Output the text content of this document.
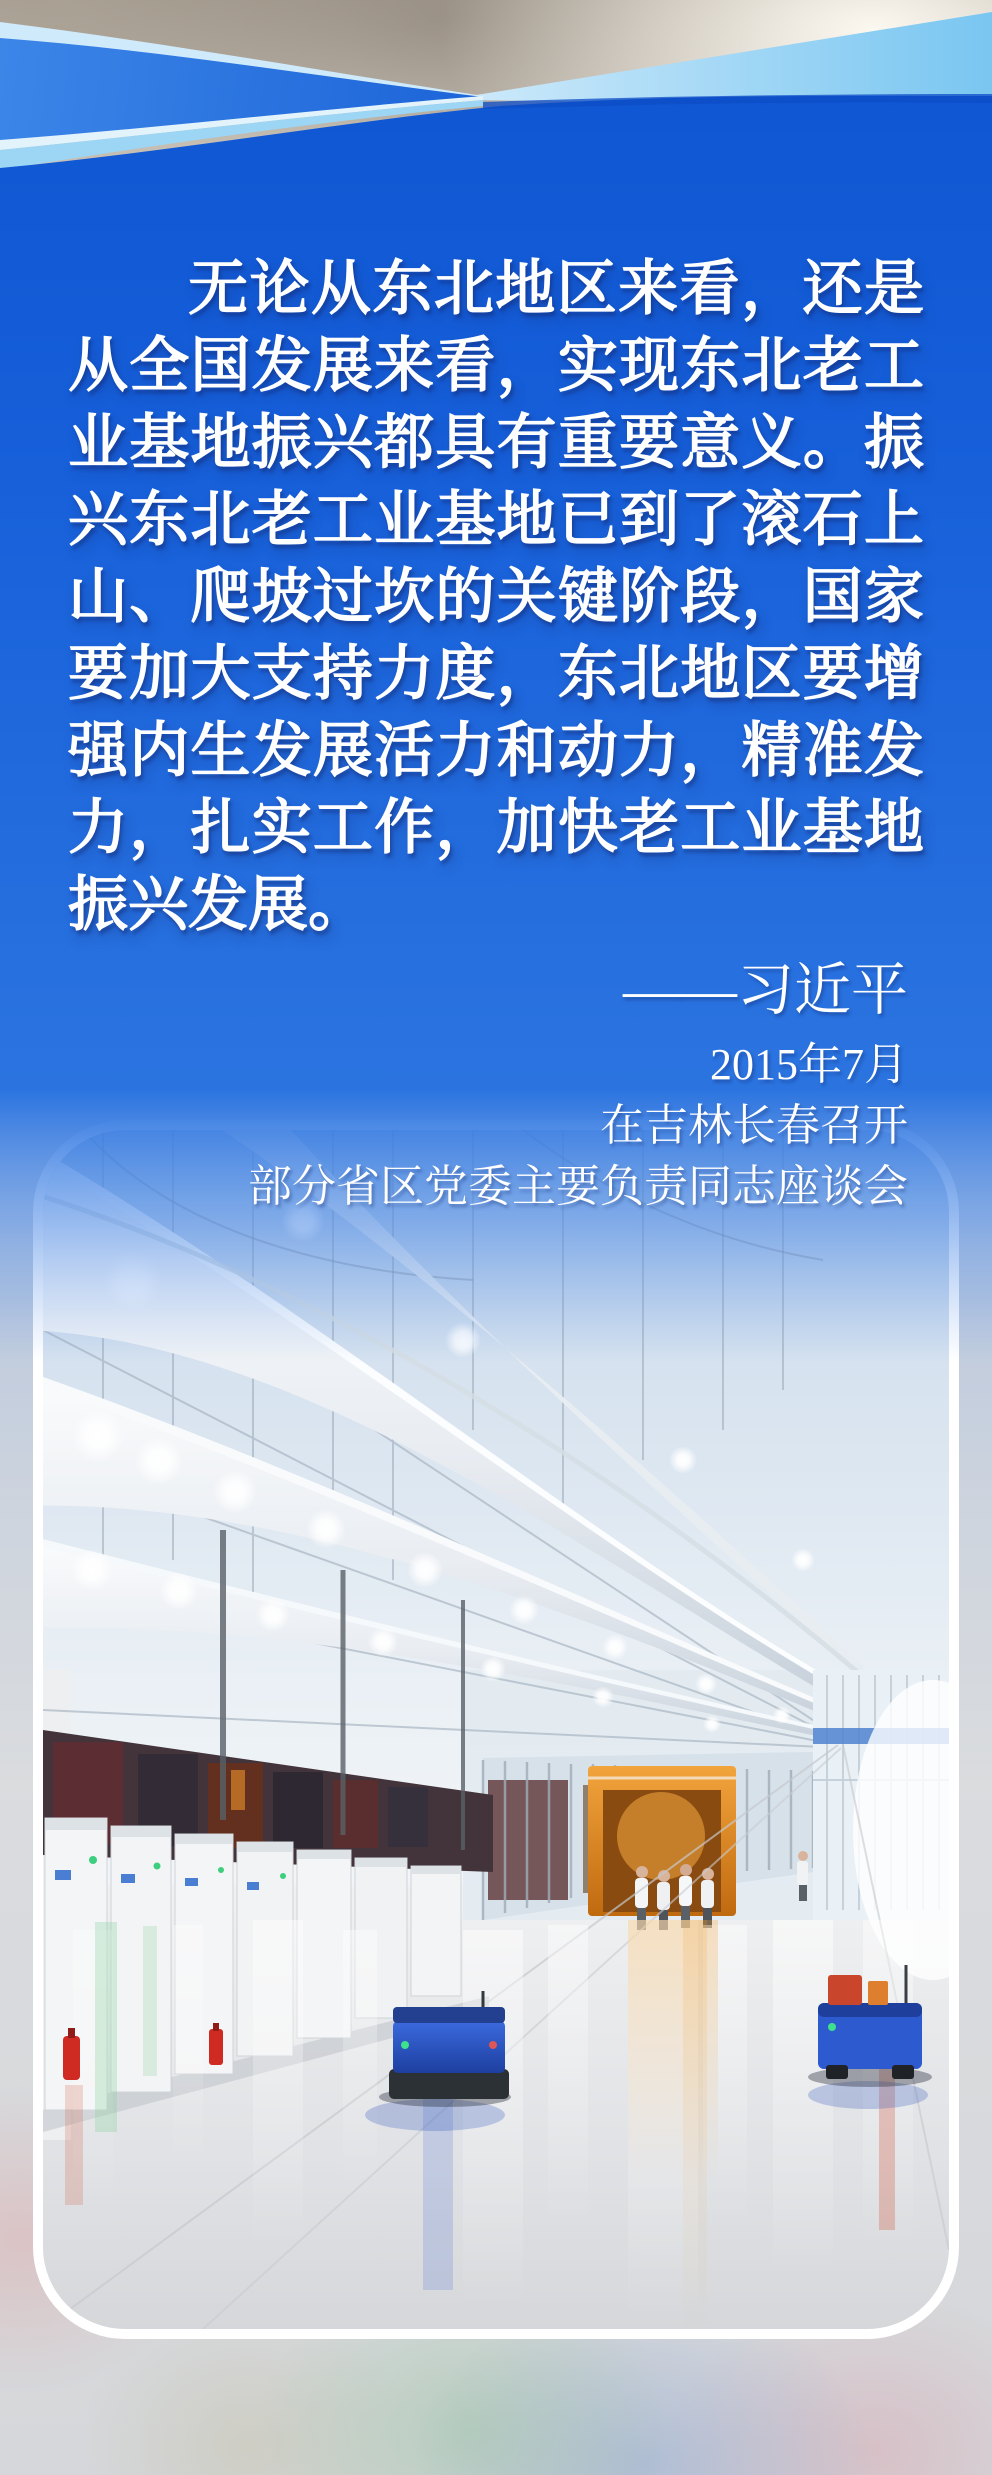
无论从东北地区来看，还是
从全国发展来看，实现东北老工
业基地振兴都具有重要意义。振
兴东北老工业基地已到了滚石上
山、爬坡过坎的关键阶段，国家
要加大支持力度，东北地区要增
强内生发展活力和动力，精准发
力，扎实工作，加快老工业基地
振兴发展。
——习近平
2015年7月
在吉林长春召开
部分省区党委主要负责同志座谈会
